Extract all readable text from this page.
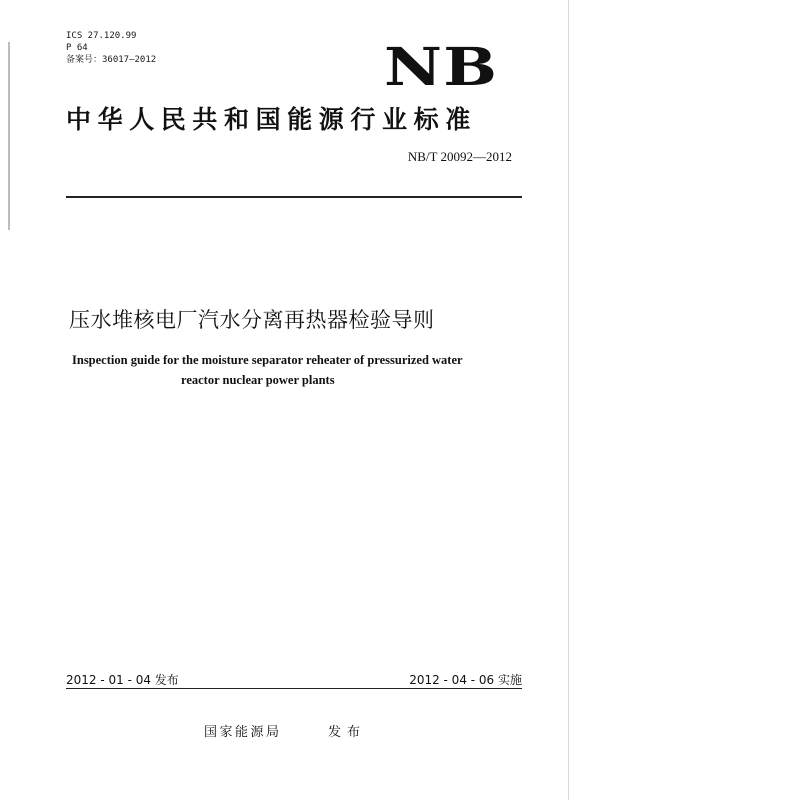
ICS 27.120.99
P 64
备案号：36017—2012	NB
中华人民共和国能源行业标准
NB/T 20092—2012
压水堆核电厂汽水分离再热器检验导则
Inspection guide for the moisture separator reheater of pressurized water
reactor nuclear power plants
2012 - 01 - 04 发布	2012 - 04 - 06 实施
国家能源局	发布
